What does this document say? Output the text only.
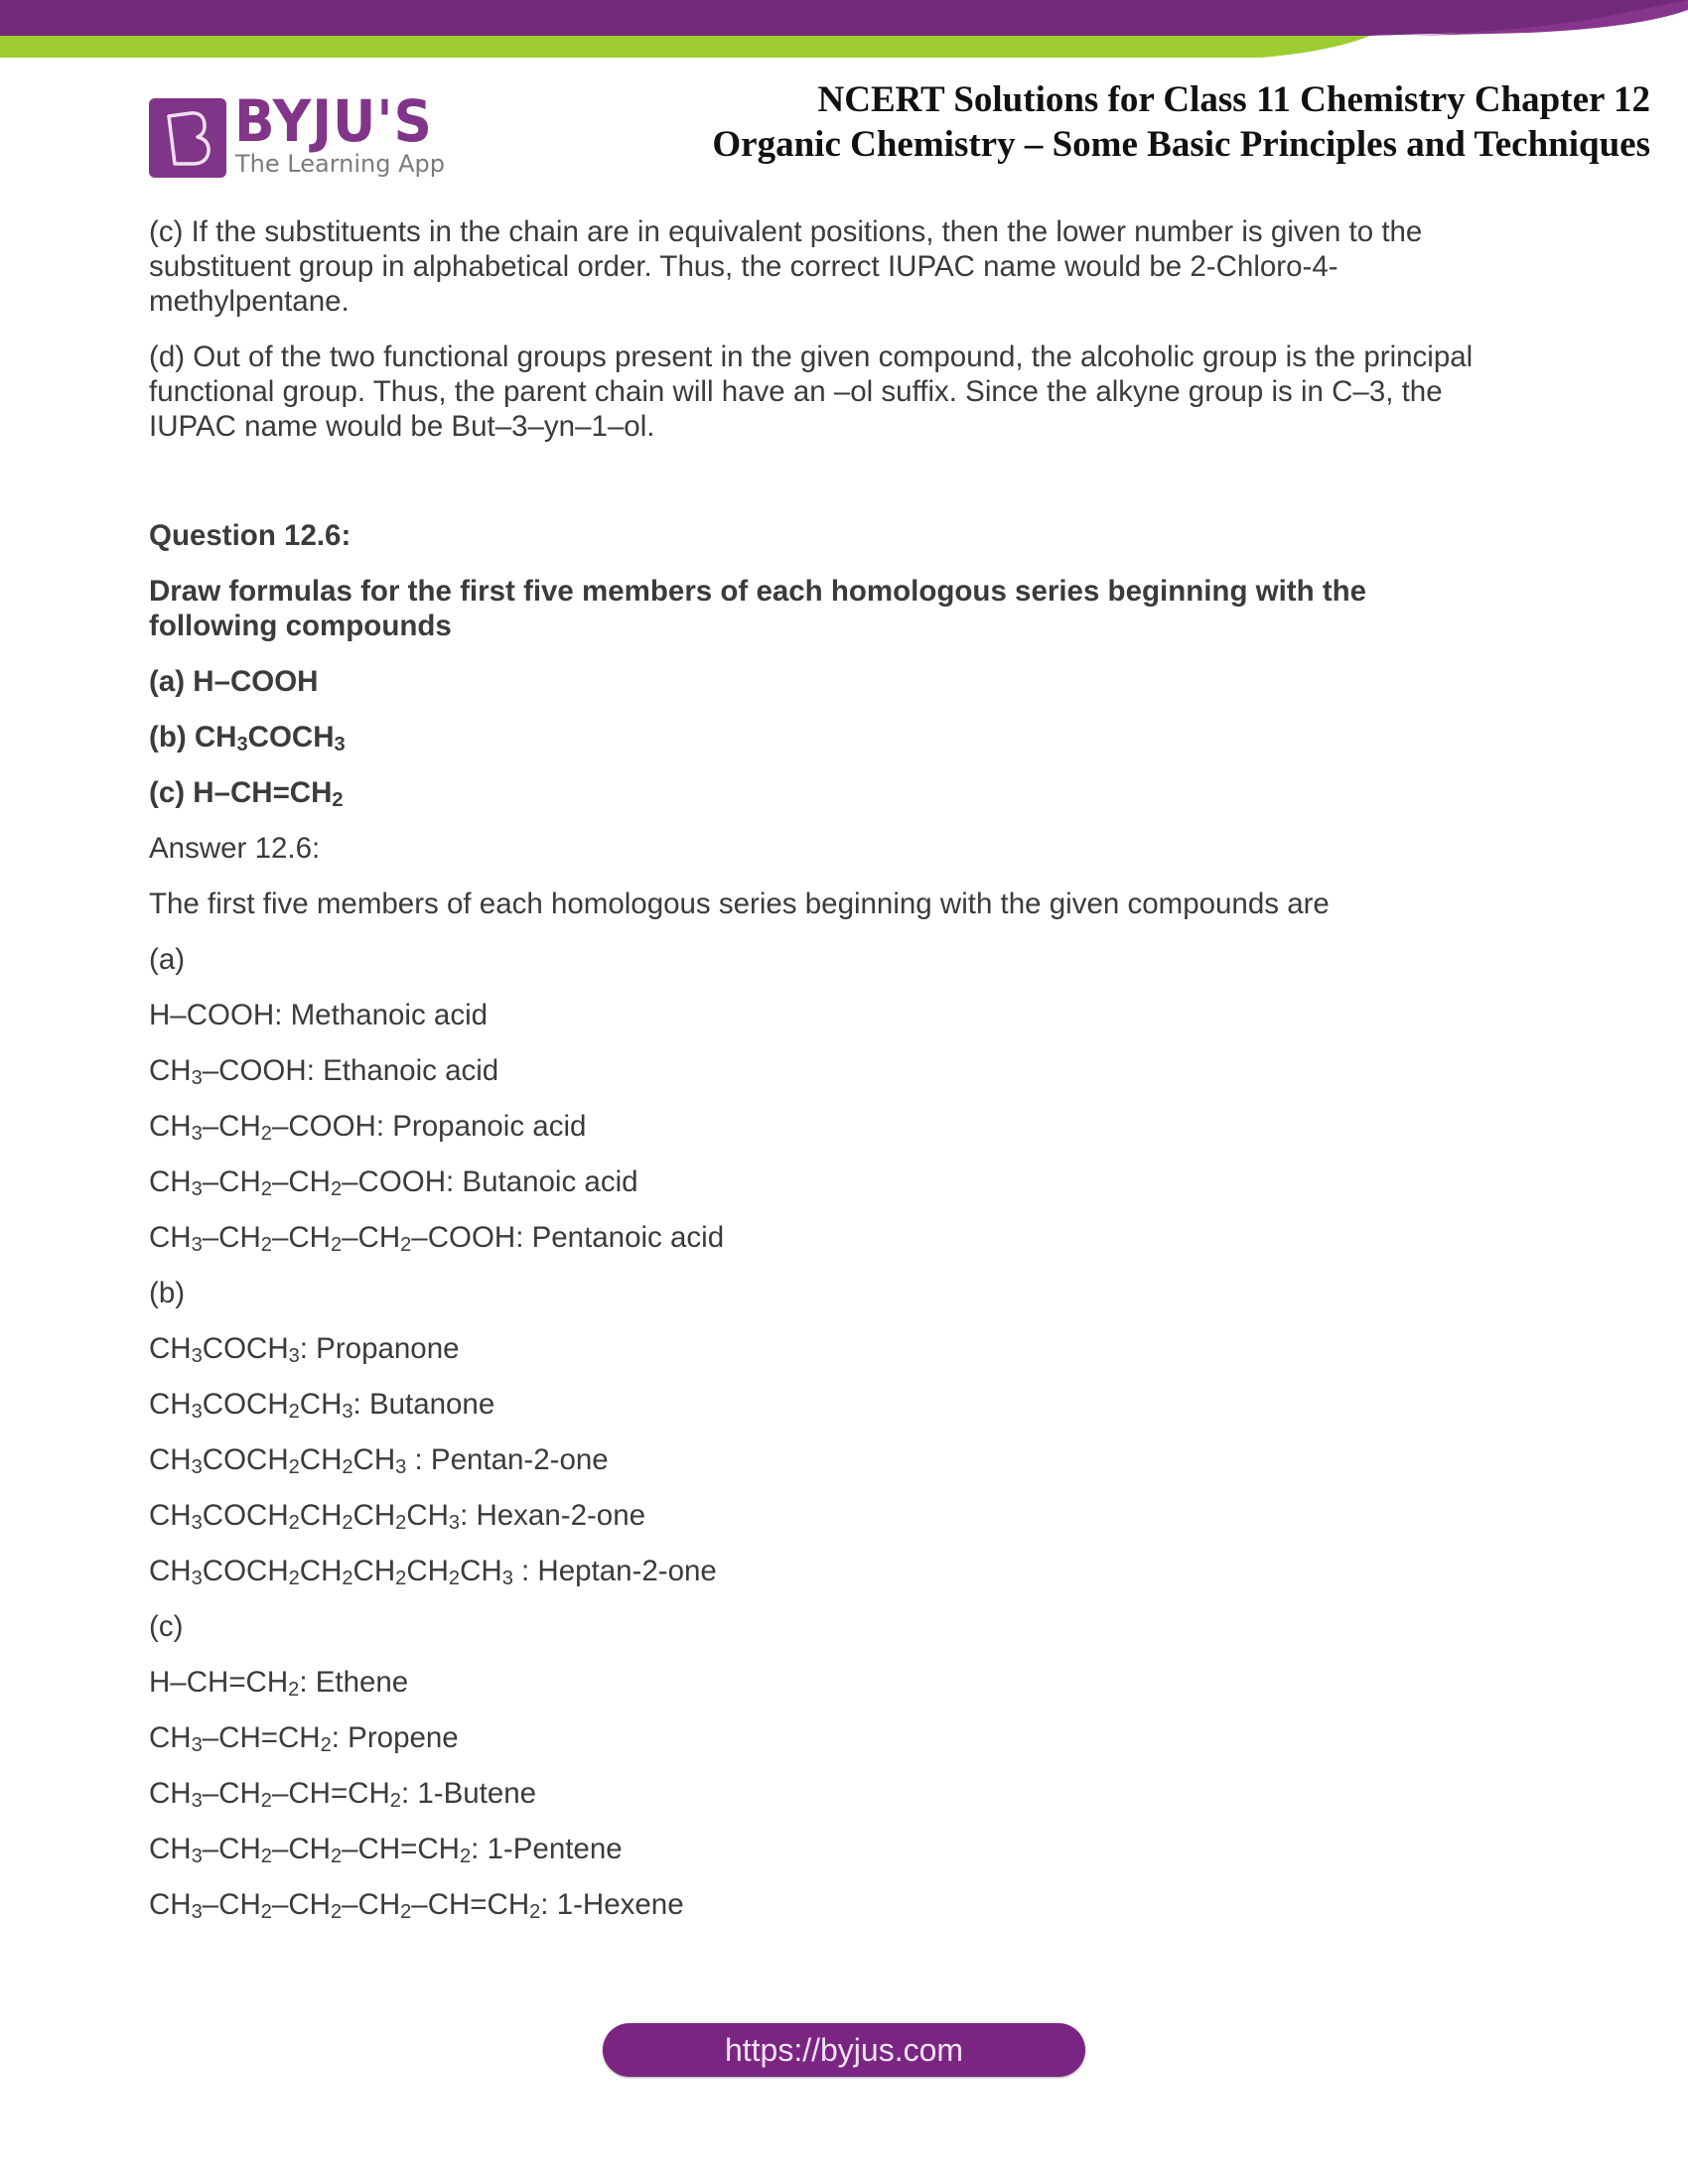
BYJU'S
The Learning App
NCERT Solutions for Class 11 Chemistry Chapter 12
Organic Chemistry – Some Basic Principles and Techniques

(c) If the substituents in the chain are in equivalent positions, then the lower number is given to the substituent group in alphabetical order. Thus, the correct IUPAC name would be 2-Chloro-4-methylpentane.

(d) Out of the two functional groups present in the given compound, the alcoholic group is the principal functional group. Thus, the parent chain will have an –ol suffix. Since the alkyne group is in C–3, the IUPAC name would be But–3–yn–1–ol.

Question 12.6:
Draw formulas for the first five members of each homologous series beginning with the following compounds
(a) H–COOH
(b) $CH_3COCH_3$
(c) $H-CH=CH_2$
Answer 12.6:
The first five members of each homologous series beginning with the given compounds are
(a)
H–COOH: Methanoic acid
$CH_3$–COOH: Ethanoic acid
$CH_3-CH_2$–COOH: Propanoic acid
$CH_3-CH_2-CH_2$–COOH: Butanoic acid
$CH_3-CH_2-CH_2-CH_2$–COOH: Pentanoic acid
(b)
$CH_3COCH_3$: Propanone
$CH_3COCH_2CH_3$: Butanone
$CH_3COCH_2CH_2CH_3$ : Pentan-2-one
$CH_3COCH_2CH_2CH_2CH_3$: Hexan-2-one
$CH_3COCH_2CH_2CH_2CH_2CH_3$ : Heptan-2-one
(c)
$H-CH=CH_2$: Ethene
$CH_3-CH=CH_2$: Propene
$CH_3-CH_2-CH=CH_2$: 1-Butene
$CH_3-CH_2-CH_2-CH=CH_2$: 1-Pentene
$CH_3-CH_2-CH_2-CH_2-CH=CH_2$: 1-Hexene
https://byjus.com
